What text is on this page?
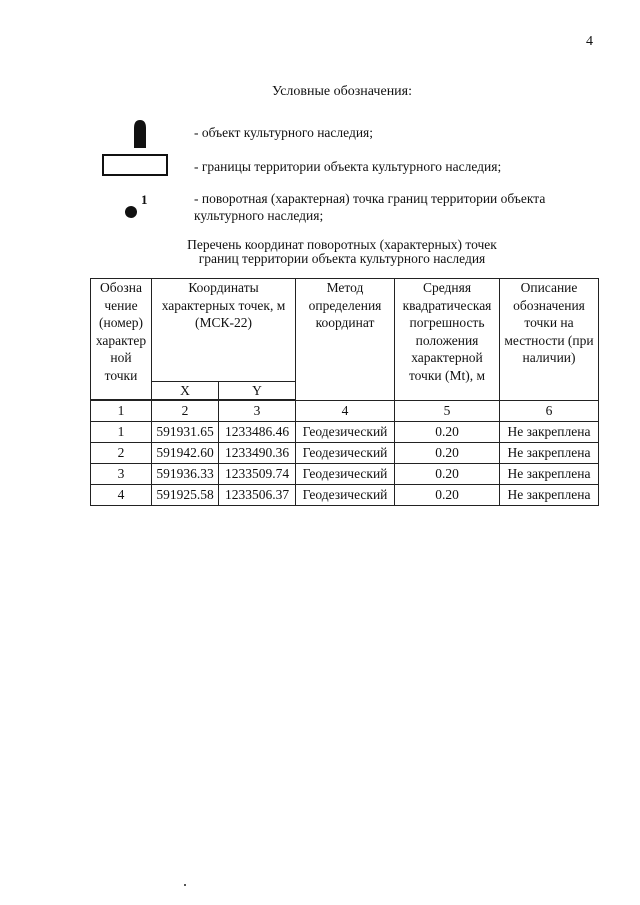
4
Условные обозначения:
- объект культурного наследия;
- границы территории объекта культурного наследия;
1	- поворотная (характерная) точка границ территории объекта культурного наследия;
Перечень координат поворотных (характерных) точек
границ территории объекта культурного наследия
Обозна чение (номер) характер ной точки	Координаты характерных точек, м (МСК-22)		Метод определения координат	Средняя квадратическая погрешность положения характерной точки (Mt), м	Описание обозначения точки на местности (при наличии)
	X	Y			

1	2	3	4	5	6
1	591931.65	1233486.46	Геодезический	0.20	Не закреплена
2	591942.60	1233490.36	Геодезический	0.20	Не закреплена
3	591936.33	1233509.74	Геодезический	0.20	Не закреплена
4	591925.58	1233506.37	Геодезический	0.20	Не закреплена
